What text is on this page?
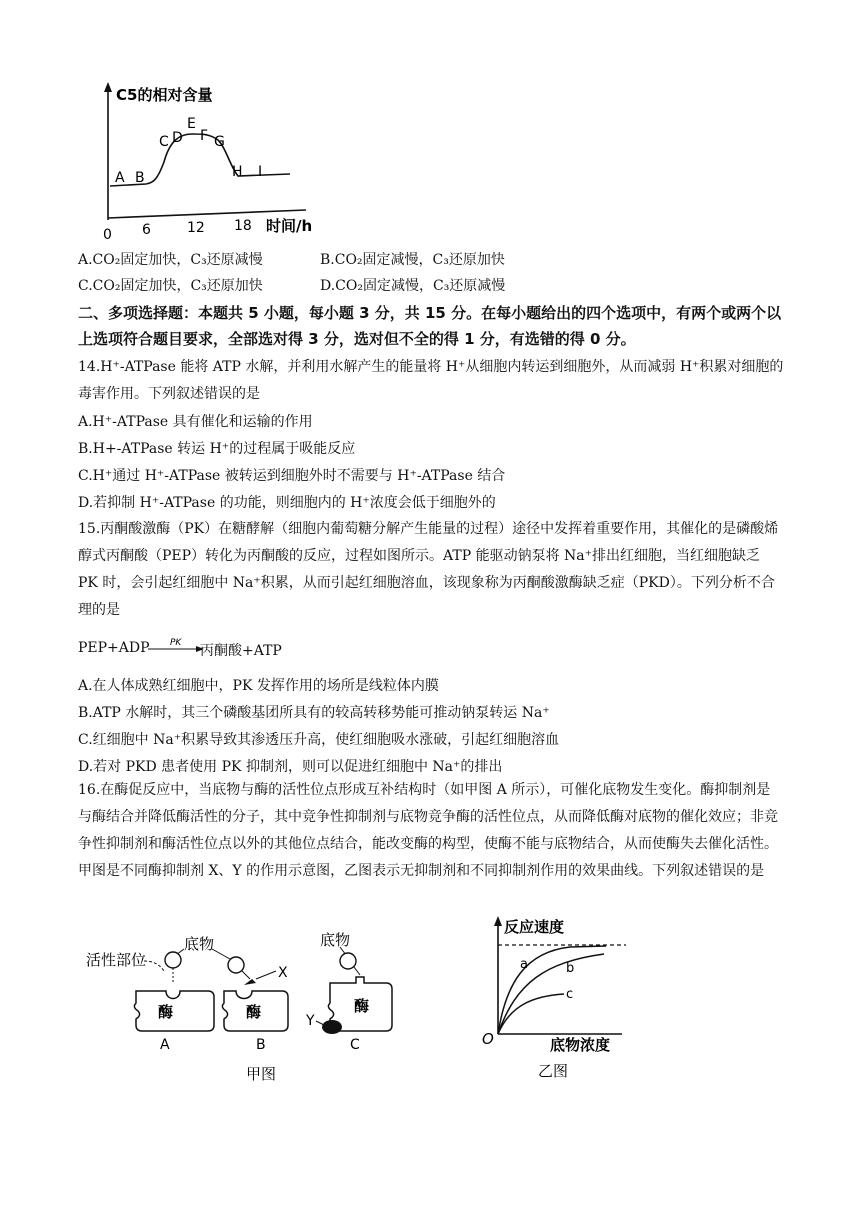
C5的相对含量
时间/h
0 6	12 18
A B
C D
E
F G
H I
A.CO₂固定加快，C₃还原减慢	B.CO₂固定减慢，C₃还原加快
C.CO₂固定加快，C₃还原加快	D.CO₂固定减慢，C₃还原减慢
二、多项选择题：本题共 5 小题，每小题 3 分，共 15 分。在每小题给出的四个选项中，有两个或两个以上选项符合题目要求，全部选对得 3 分，选对但不全的得 1 分，有选错的得 0 分。
14.H⁺-ATPase 能将 ATP 水解，并利用水解产生的能量将 H⁺从细胞内转运到细胞外，从而减弱 H⁺积累对细胞的毒害作用。下列叙述错误的是
A.H⁺-ATPase 具有催化和运输的作用
B.H+-ATPase 转运 H⁺的过程属于吸能反应
C.H⁺通过 H⁺-ATPase 被转运到细胞外时不需要与 H⁺-ATPase 结合
D.若抑制 H⁺-ATPase 的功能，则细胞内的 H⁺浓度会低于细胞外的
15.丙酮酸激酶（PK）在糖酵解（细胞内葡萄糖分解产生能量的过程）途径中发挥着重要作用，其催化的是磷酸烯醇式丙酮酸（PEP）转化为丙酮酸的反应，过程如图所示。ATP 能驱动钠泵将 Na⁺排出红细胞，当红细胞缺乏 PK 时，会引起红细胞中 Na⁺积累，从而引起红细胞溶血，该现象称为丙酮酸激酶缺乏症（PKD）。下列分析不合理的是
PEP+ADP PK 丙酮酸+ATP
A.在人体成熟红细胞中，PK 发挥作用的场所是线粒体内膜
B.ATP 水解时，其三个磷酸基团所具有的较高转移势能可推动钠泵转运 Na⁺
C.红细胞中 Na⁺积累导致其渗透压升高，使红细胞吸水涨破，引起红细胞溶血
D.若对 PKD 患者使用 PK 抑制剂，则可以促进红细胞中 Na⁺的排出
16.在酶促反应中，当底物与酶的活性位点形成互补结构时（如甲图 A 所示），可催化底物发生变化。酶抑制剂是与酶结合并降低酶活性的分子，其中竞争性抑制剂与底物竞争酶的活性位点，从而降低酶对底物的催化效应；非竞争性抑制剂和酶活性位点以外的其他位点结合，能改变酶的构型，使酶不能与底物结合，从而使酶失去催化活性。甲图是不同酶抑制剂 X、Y 的作用示意图，乙图表示无抑制剂和不同抑制剂作用的效果曲线。下列叙述错误的是
活性部位
底物
酶
A
X
酶
B
底物
酶
Y
C
甲图
反应速度
底物浓度
O
a	b
c
乙图
